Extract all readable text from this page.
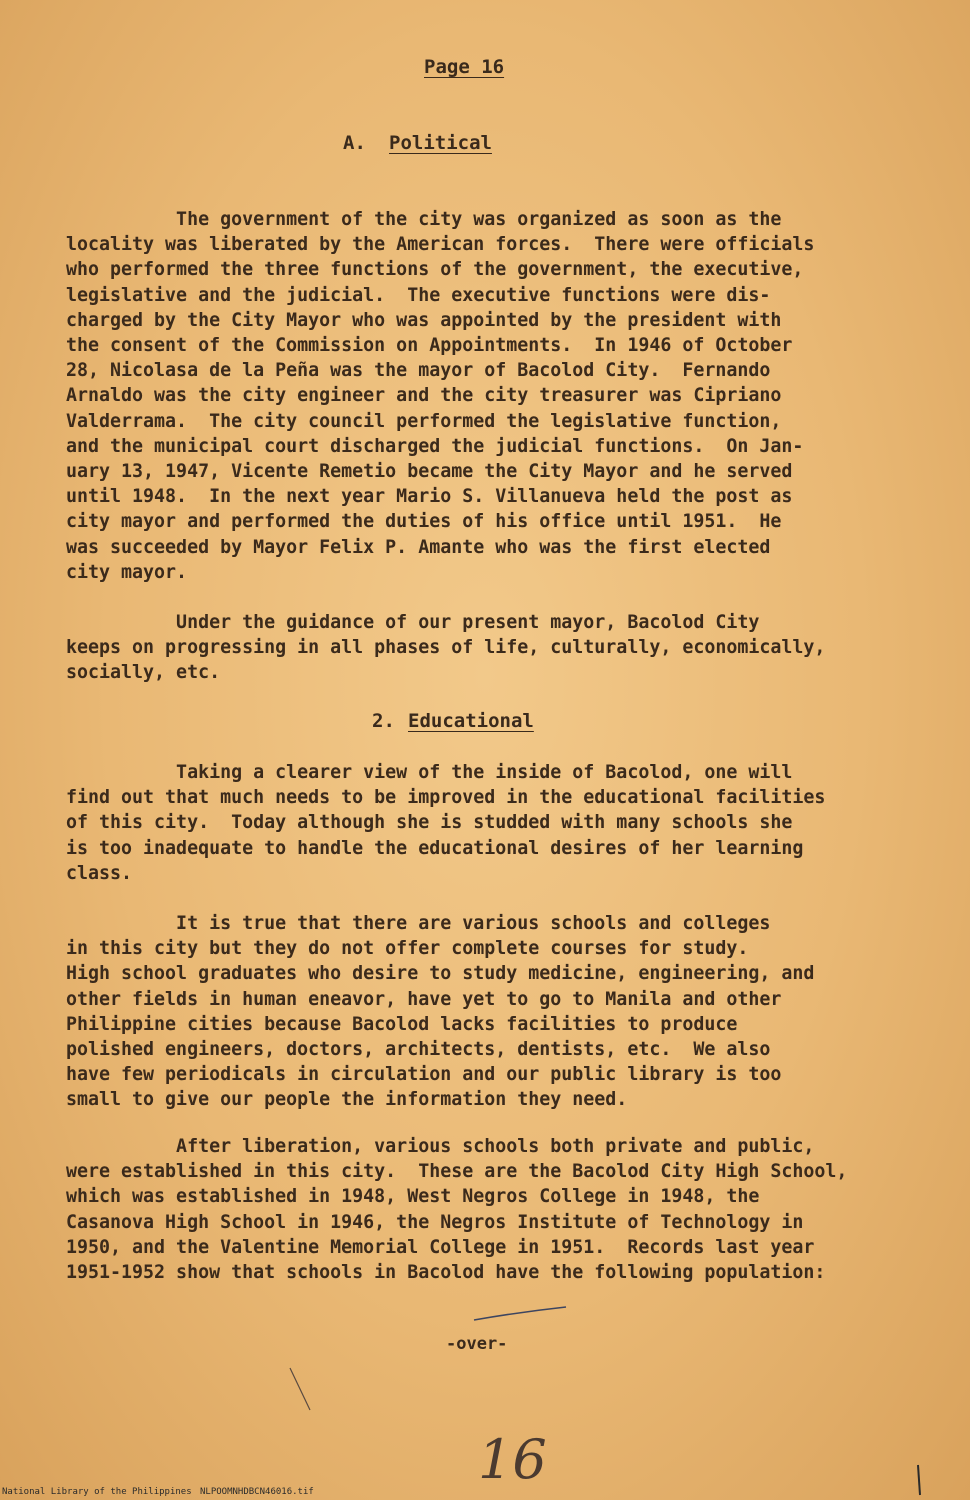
Page 16
A. Political
The government of the city was organized as soon as the
locality was liberated by the American forces.  There were officials
who performed the three functions of the government, the executive,
legislative and the judicial.  The executive functions were dis-
charged by the City Mayor who was appointed by the president with
the consent of the Commission on Appointments.  In 1946 of October
28, Nicolasa de la Peña was the mayor of Bacolod City.  Fernando
Arnaldo was the city engineer and the city treasurer was Cipriano
Valderrama.  The city council performed the legislative function,
and the municipal court discharged the judicial functions.  On Jan-
uary 13, 1947, Vicente Remetio became the City Mayor and he served
until 1948.  In the next year Mario S. Villanueva held the post as
city mayor and performed the duties of his office until 1951.  He
was succeeded by Mayor Felix P. Amante who was the first elected
city mayor.
Under the guidance of our present mayor, Bacolod City
keeps on progressing in all phases of life, culturally, economically,
socially, etc.
2. Educational
Taking a clearer view of the inside of Bacolod, one will
find out that much needs to be improved in the educational facilities
of this city.  Today although she is studded with many schools she
is too inadequate to handle the educational desires of her learning
class.
It is true that there are various schools and colleges
in this city but they do not offer complete courses for study.
High school graduates who desire to study medicine, engineering, and
other fields in human eneavor, have yet to go to Manila and other
Philippine cities because Bacolod lacks facilities to produce
polished engineers, doctors, architects, dentists, etc.  We also
have few periodicals in circulation and our public library is too
small to give our people the information they need.
After liberation, various schools both private and public,
were established in this city.  These are the Bacolod City High School,
which was established in 1948, West Negros College in 1948, the
Casanova High School in 1946, the Negros Institute of Technology in
1950, and the Valentine Memorial College in 1951.  Records last year
1951-1952 show that schools in Bacolod have the following population:
-over-
16
National Library of the Philippines NLPOOMNHDBCN46016.tif
